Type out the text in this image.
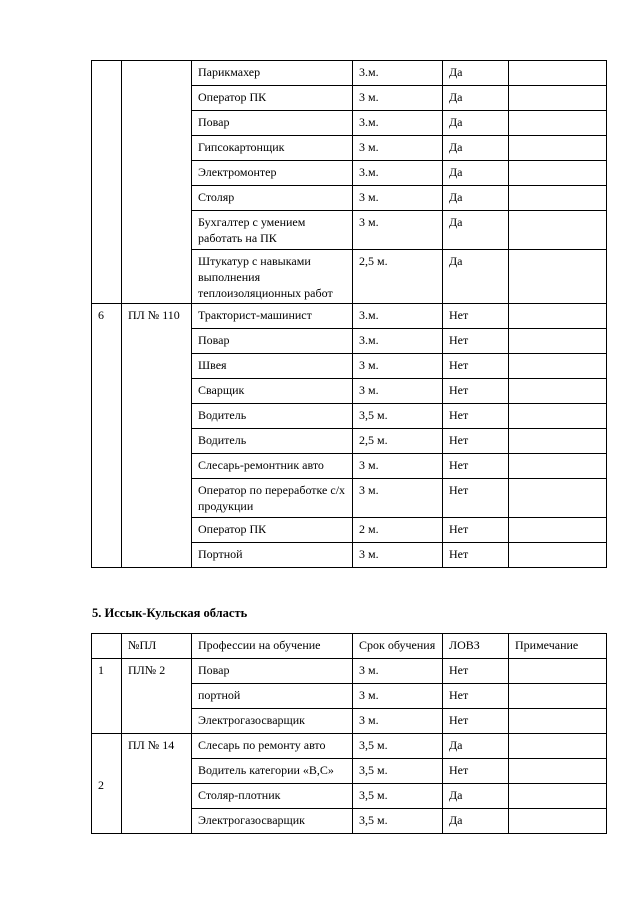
		Парикмахер	3.м.	Да	
		Оператор ПК	3 м.	Да	
		Повар	3.м.	Да	
		Гипсокартонщик	3 м.	Да	
		Электромонтер	3.м.	Да	
		Столяр	3 м.	Да	
		Бухгалтер с умением работать на ПК	3 м.	Да	
		Штукатур с навыками выполнения теплоизоляционных работ	2,5 м.	Да	
6	ПЛ № 110	Тракторист-машинист	3.м.	Нет	
		Повар	3.м.	Нет	
		Швея	3 м.	Нет	
		Сварщик	3 м.	Нет	
		Водитель	3,5 м.	Нет	
		Водитель	2,5 м.	Нет	
		Слесарь-ремонтник авто	3 м.	Нет	
		Оператор по переработке с/х продукции	3 м.	Нет	
		Оператор ПК	2 м.	Нет	
		Портной	3 м.	Нет	
5. Иссык-Кульская область
	№ПЛ	Профессии на обучение	Срок обучения	ЛОВЗ	Примечание
1	ПЛ№ 2	Повар	3 м.	Нет	
		портной	3 м.	Нет	
		Электрогазосварщик	3 м.	Нет	
2	ПЛ № 14	Слесарь по ремонту авто	3,5 м.	Да	
		Водитель категории «B,C»	3,5 м.	Нет	
		Столяр-плотник	3,5 м.	Да	
		Электрогазосварщик	3,5 м.	Да	
